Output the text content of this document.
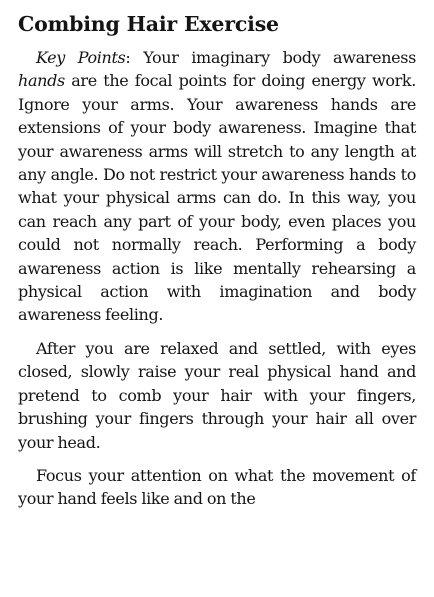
Combing Hair Exercise

Key Points: Your imaginary body awareness hands are the focal points for doing energy work. Ignore your arms. Your awareness hands are extensions of your body awareness. Imagine that your awareness arms will stretch to any length at any angle. Do not restrict your awareness hands to what your physical arms can do. In this way, you can reach any part of your body, even places you could not normally reach. Performing a body awareness action is like mentally rehearsing a physical action with imagination and body awareness feeling.

After you are relaxed and settled, with eyes closed, slowly raise your real physical hand and pretend to comb your hair with your fingers, brushing your fingers through your hair all over your head.

Focus your attention on what the movement of your hand feels like and on the
